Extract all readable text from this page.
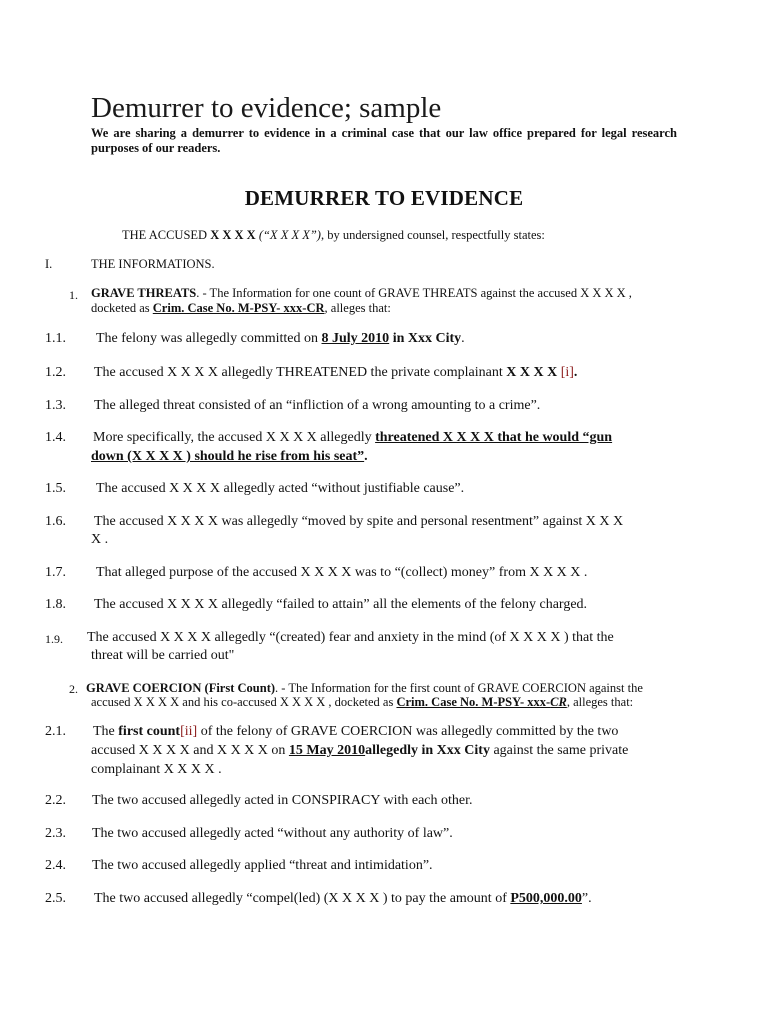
Demurrer to evidence; sample
We are sharing a demurrer to evidence in a criminal case that our law office prepared for legal research purposes of our readers.
DEMURRER TO EVIDENCE
THE ACCUSED X X X X (“X X X X”), by undersigned counsel, respectfully states:
I.	THE INFORMATIONS.
1. GRAVE THREATS. - The Information for one count of GRAVE THREATS against the accused X X X X ,
docketed as Crim. Case No. M-PSY- xxx-CR, alleges that:
1.1. The felony was allegedly committed on 8 July 2010 in Xxx City.
1.2. The accused X X X X allegedly THREATENED the private complainant X X X X [i].
1.3. The alleged threat consisted of an “infliction of a wrong amounting to a crime”.
1.4. More specifically, the accused X X X X allegedly threatened X X X X that he would “gun
down (X X X X ) should he rise from his seat”.
1.5. The accused X X X X allegedly acted “without justifiable cause”.
1.6. The accused X X X X was allegedly “moved by spite and personal resentment” against X X X
X .
1.7. That alleged purpose of the accused X X X X was to “(collect) money” from X X X X .
1.8. The accused X X X X allegedly “failed to attain” all the elements of the felony charged.
1.9. The accused X X X X allegedly “(created) fear and anxiety in the mind (of X X X X ) that the
threat will be carried out"
2. GRAVE COERCION (First Count). - The Information for the first count of GRAVE COERCION against the
accused X X X X and his co-accused X X X X , docketed as Crim. Case No. M-PSY- xxx-CR, alleges that:
2.1. The first count[ii] of the felony of GRAVE COERCION was allegedly committed by the two
accused X X X X and X X X X on 15 May 2010allegedly in Xxx City against the same private
complainant X X X X .
2.2. The two accused allegedly acted in CONSPIRACY with each other.
2.3. The two accused allegedly acted “without any authority of law”.
2.4. The two accused allegedly applied “threat and intimidation”.
2.5. The two accused allegedly “compel(led) (X X X X ) to pay the amount of P500,000.00”.
